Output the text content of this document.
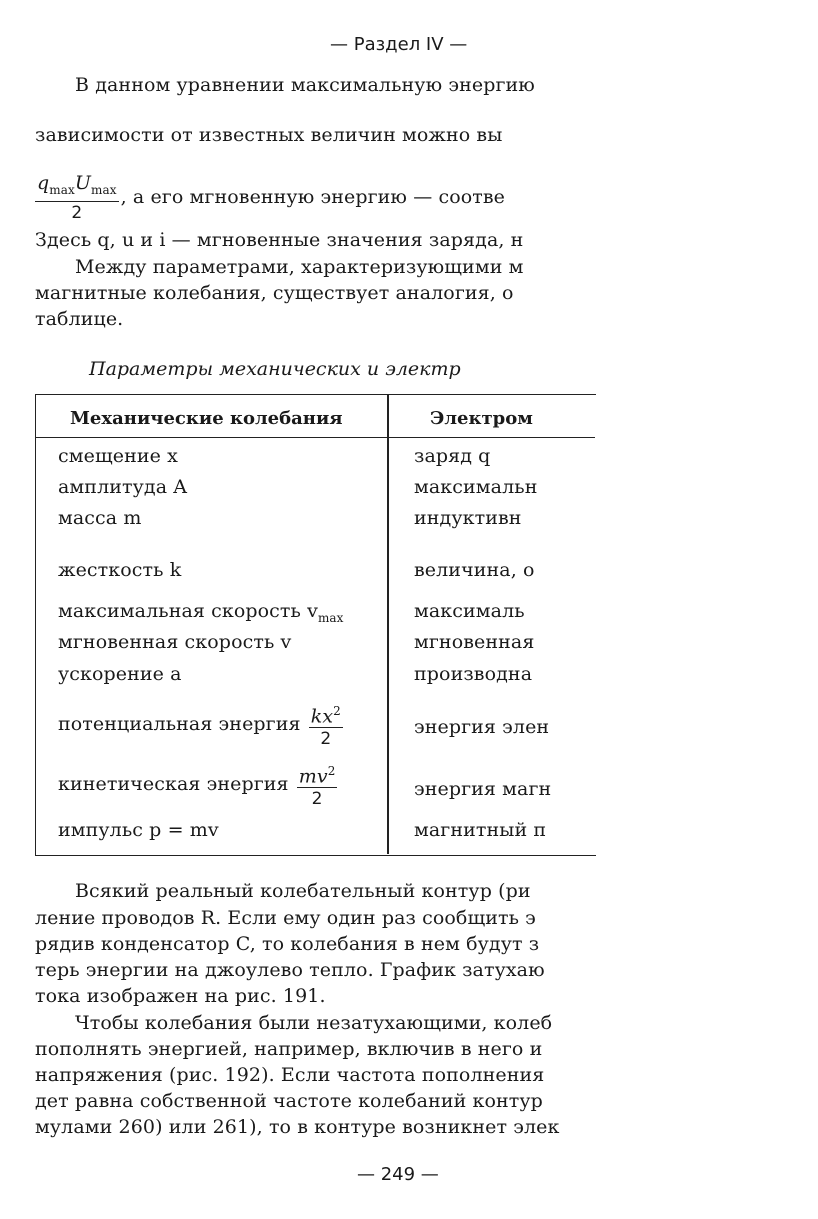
— Раздел IV —
В данном уравнении максимальную энергию
зависимости от известных величин можно вы
$\frac{q_{max}U_{max}}{2}$ , а его мгновенную энергию — соотве
Здесь q, u и i — мгновенные значения заряда, н
Между параметрами, характеризующими м
магнитные колебания, существует аналогия, о
таблице.
Параметры механических и электр
Механические колебания	Электром
смещение x	заряд q
амплитуда A	максимальн
масса m	индуктивн
жесткость k	величина, о
максимальная скорость $v_{max}$	максималь
мгновенная скорость v	мгновенная
ускорение a	производна
потенциальная энергия $\frac{kx^2}{2}$	энергия элен
кинетическая энергия $\frac{mv^2}{2}$	энергия магн
импульс p = mv	магнитный п
Всякий реальный колебательный контур (ри
ление проводов R. Если ему один раз сообщить э
рядив конденсатор C, то колебания в нем будут з
терь энергии на джоулево тепло. График затухаю
тока изображен на рис. 191.
Чтобы колебания были незатухающими, колеб
пополнять энергией, например, включив в него и
напряжения (рис. 192). Если частота пополнения
дет равна собственной частоте колебаний контур
мулами 260) или 261), то в контуре возникнет элек
— 249 —
